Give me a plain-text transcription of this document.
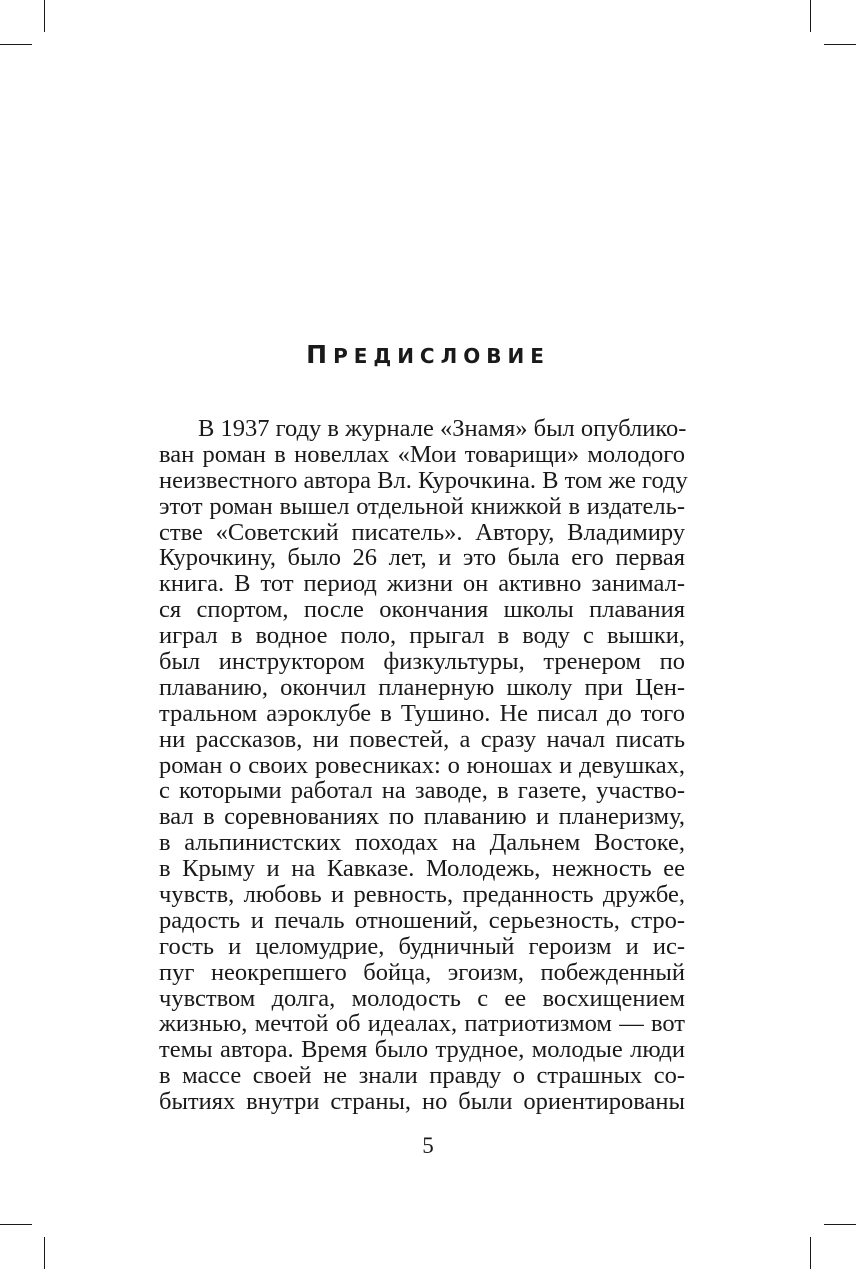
ПРЕДИСЛОВИЕ
В 1937 году в журнале «Знамя» был опублико-
ван роман в новеллах «Мои товарищи» молодого
неизвестного автора Вл. Курочкина. В том же году
этот роман вышел отдельной книжкой в издатель-
стве «Советский писатель». Автору, Владимиру
Курочкину, было 26 лет, и это была его первая
книга. В тот период жизни он активно занимал-
ся спортом, после окончания школы плавания
играл в водное поло, прыгал в воду с вышки,
был инструктором физкультуры, тренером по
плаванию, окончил планерную школу при Цен-
тральном аэроклубе в Тушино. Не писал до того
ни рассказов, ни повестей, а сразу начал писать
роман о своих ровесниках: о юношах и девушках,
с которыми работал на заводе, в газете, участво-
вал в соревнованиях по плаванию и планеризму,
в альпинистских походах на Дальнем Востоке,
в Крыму и на Кавказе. Молодежь, нежность ее
чувств, любовь и ревность, преданность дружбе,
радость и печаль отношений, серьезность, стро-
гость и целомудрие, будничный героизм и ис-
пуг неокрепшего бойца, эгоизм, побежденный
чувством долга, молодость с ее восхищением
жизнью, мечтой об идеалах, патриотизмом — вот
темы автора. Время было трудное, молодые люди
в массе своей не знали правду о страшных со-
бытиях внутри страны, но были ориентированы
5
